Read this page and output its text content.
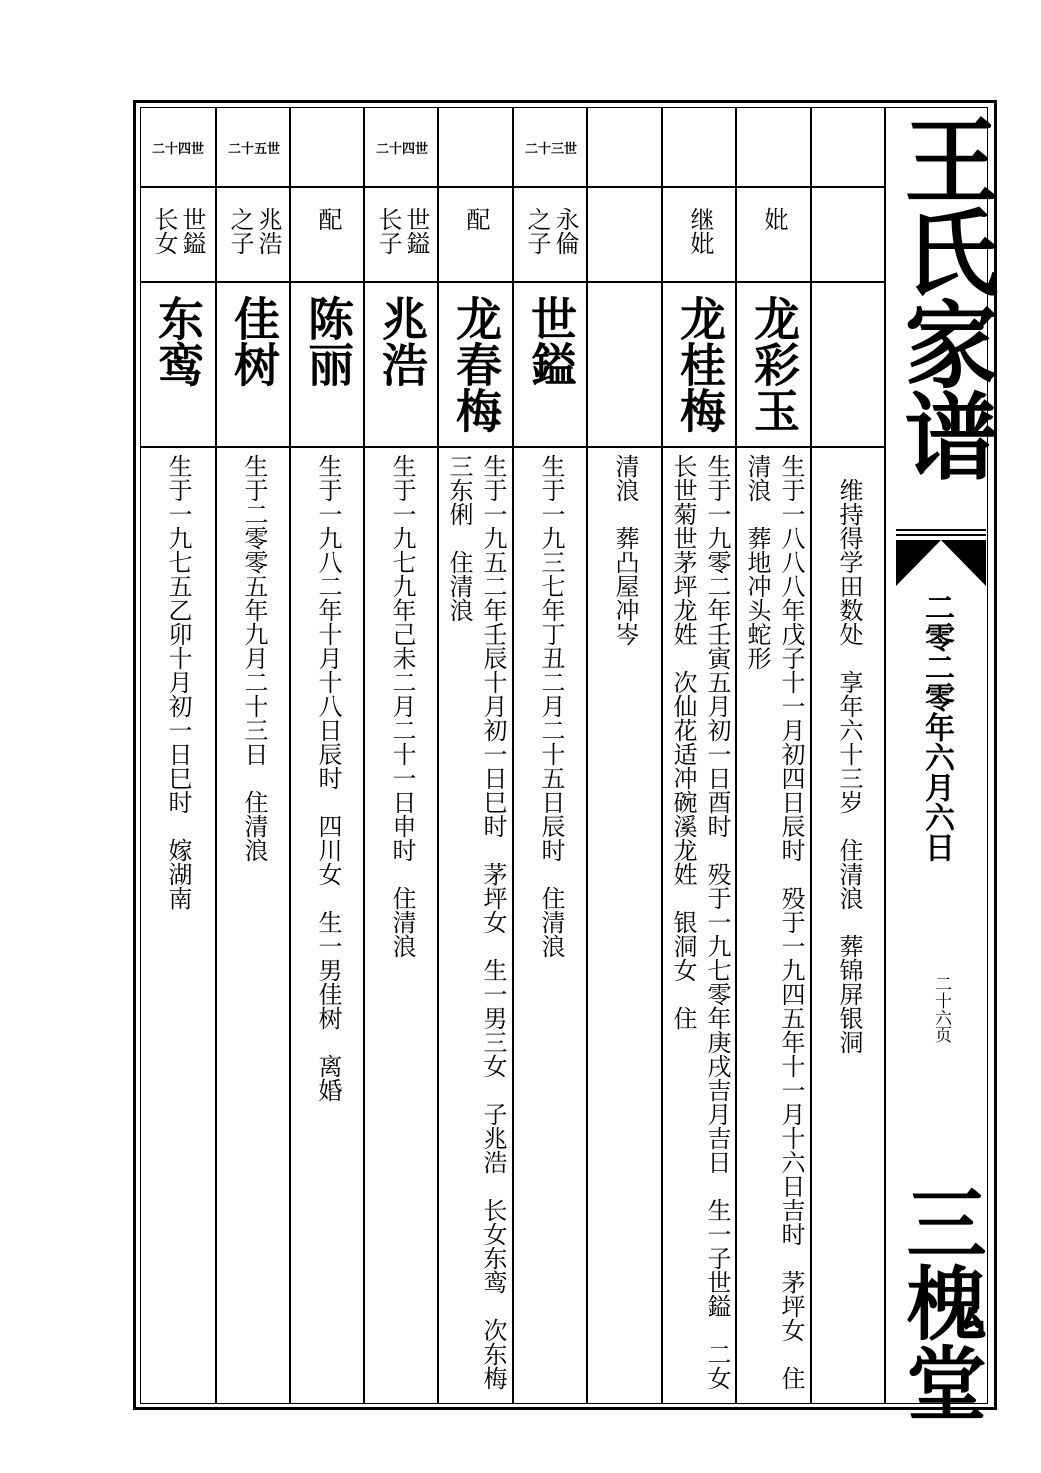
妣
龙彩玉
生于一八八八年戊子十一月初四日辰时　殁于一九四五年十一月十六日吉时　茅坪女　住清浪　葬地冲头蛇形
继妣
龙桂梅
生于一九零二年壬寅五月初一日酉时　殁于一九七零年庚戌吉月吉日　生一子世鎰　二女　长世菊世茅坪龙姓　次仙花适冲碗溪龙姓　银洞女　住
清浪　葬凸屋冲岑
世三十二
永倫之子
世鎰
生于一九三七年丁丑二月二十五日辰时　住清浪
配
龙春梅
生于一九五二年壬辰十月初一日巳时　茅坪女　生一男三女　子兆浩　长女东鸾　次东梅　三东俐　住清浪
世四十二
世鎰长子
兆浩
生于一九七九年己未二月二十一日申时　住清浪
配
陈丽
生于一九八二年十月十八日辰时　四川女　生一男佳树　离婚
世五十二
兆浩之子
佳树
生于二零零五年九月二十三日　住清浪
世四十二
世鎰长女
东鸾
生于一九七五乙卯十月初一日巳时　嫁湖南	维持得学田数处　享年六十三岁　住清浪　葬锦屏银洞
王氏家谱
二零二零年六月六日
二十六页
三槐堂
